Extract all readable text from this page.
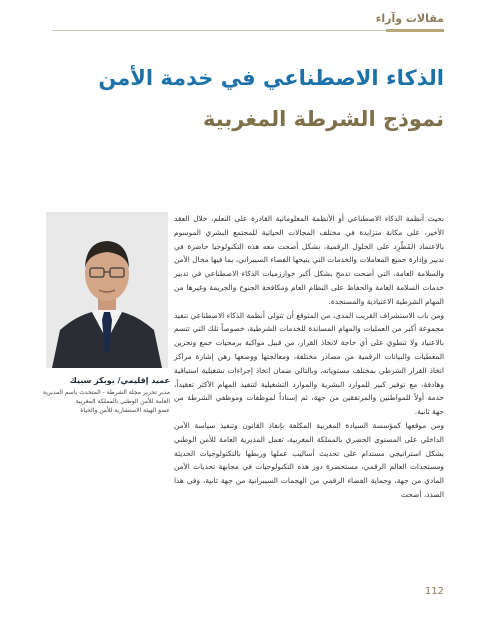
مقالات وآراء
الذكاء الاصطناعي في خدمة الأمن
نموذج الشرطة المغربية

بحيث أنظمة الذكاء الاصطناعي أو الأنظمة المعلوماتية القادرة على التعلم، خلال العقد الأخير، على مكانة متزايدة في مختلف المجالات الحياتية للمجتمع البشري الموسوم بالاعتماد المُطّرِد على الحلول الرقمية، بشكل أضحت معه هذه التكنولوجيا حاضرة في تدبير وإدارة جميع المعاملات والخدمات التي يتيحها الفضاء السيبراني، بما فيها مجال الأمن والسلامة العامة، التي أضحت تدمج بشكل أكبر خوارزميات الذكاء الاصطناعي في تدبير خدمات السلامة العامة والحفاظ على النظام العام ومكافحة الجنوح والجريمة وغيرها من المهام الشرطية الاعتيادية والمستجدة.

ومن باب الاستشراف القريب المدى، من المتوقع أن تتولى أنظمة الذكاء الاصطناعي تنفيذ مجموعة أكبر من العمليات والمهام المساندة للخدمات الشرطية، خصوصاً تلك التي تتسم بالاعتياد ولا تنطوي على أي حاجة لاتخاذ القرار، من قبيل مواكبة برمجيات جمع وتخزين المعطيات والبيانات الرقمية من مصادر مختلفة، ومعالجتها ووضعها رهن إشارة مراكز اتخاذ القرار الشرطي بمختلف مستوياته، وبالتالي ضمان اتخاذ إجراءات تشغيلية استباقية وهادفة، مع توفير كبير للموارد البشرية والموارد التشغيلية لتنفيذ المهام الأكثر تعقيداً، خدمة أولاً للمواطنين والمرتفقين من جهة، ثم إسناداً لموظفات وموظفي الشرطة من جهة ثانية.

ومن موقعها كمؤسسة السيادة المغربية المكلفة بإنفاذ القانون وتنفيذ سياسة الأمن الداخلي على المستوى الحضري بالمملكة المغربية، تعمل المديرية العامة للأمن الوطني بشكل استراتيجي مستدام على تحديث أساليب عملها وربطها بالتكنولوجيات الحديثة ومستجدات العالم الرقمي، مستحضرة دور هذه التكنولوجيات في مجابهة تحديات الأمن المادي من جهة، وحماية الفضاء الرقمي من الهجمات السيبرانية من جهة ثانية، وفي هذا الصدد، أضحت

عميد إقليمي/ بوبكر سبيك
مدير تحرير مجلة الشرطة - المتحدث باسم المديرية
العامة للأمن الوطني بالمملكة المغربية
عضو الهيئة الاستشارية للأمن والحياة
112
